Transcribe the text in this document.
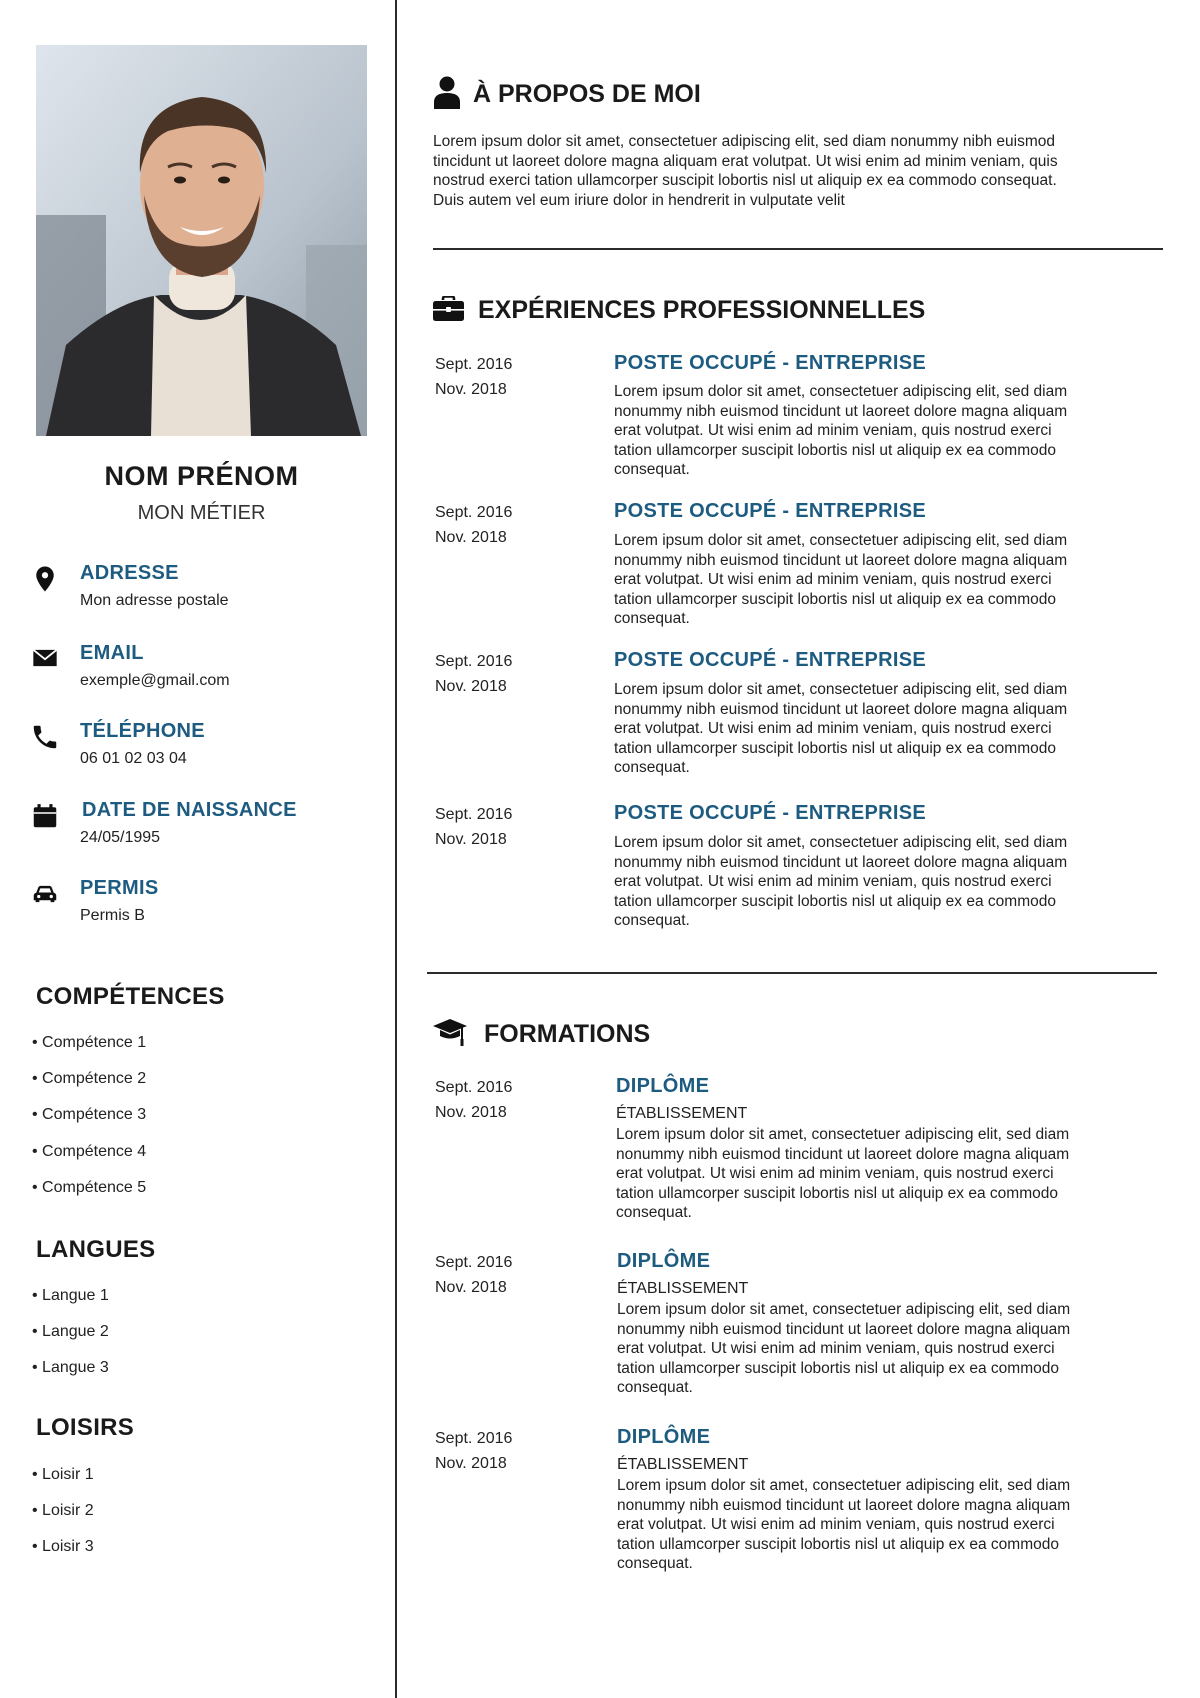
NOM PRÉNOM
MON MÉTIER
ADRESSE
Mon adresse postale
EMAIL
exemple@gmail.com
TÉLÉPHONE
06 01 02 03 04
DATE DE NAISSANCE
24/05/1995
PERMIS
Permis B
COMPÉTENCES
• Compétence 1
• Compétence 2
• Compétence 3
• Compétence 4
• Compétence 5
LANGUES
• Langue 1
• Langue 2
• Langue 3
LOISIRS
• Loisir 1
• Loisir 2
• Loisir 3
À PROPOS DE MOI
Lorem ipsum dolor sit amet, consectetuer adipiscing elit, sed diam nonummy nibh euismod tincidunt ut laoreet dolore magna aliquam erat volutpat. Ut wisi enim ad minim veniam, quis nostrud exerci tation ullamcorper suscipit lobortis nisl ut aliquip ex ea commodo consequat. Duis autem vel eum iriure dolor in hendrerit in vulputate velit
EXPÉRIENCES PROFESSIONNELLES
Sept. 2016
Nov. 2018
POSTE OCCUPÉ - ENTREPRISE
Lorem ipsum dolor sit amet, consectetuer adipiscing elit, sed diam nonummy nibh euismod tincidunt ut laoreet dolore magna aliquam erat volutpat. Ut wisi enim ad minim veniam, quis nostrud exerci tation ullamcorper suscipit lobortis nisl ut aliquip ex ea commodo consequat.
Sept. 2016
Nov. 2018
POSTE OCCUPÉ - ENTREPRISE
Lorem ipsum dolor sit amet, consectetuer adipiscing elit, sed diam nonummy nibh euismod tincidunt ut laoreet dolore magna aliquam erat volutpat. Ut wisi enim ad minim veniam, quis nostrud exerci tation ullamcorper suscipit lobortis nisl ut aliquip ex ea commodo consequat.
Sept. 2016
Nov. 2018
POSTE OCCUPÉ - ENTREPRISE
Lorem ipsum dolor sit amet, consectetuer adipiscing elit, sed diam nonummy nibh euismod tincidunt ut laoreet dolore magna aliquam erat volutpat. Ut wisi enim ad minim veniam, quis nostrud exerci tation ullamcorper suscipit lobortis nisl ut aliquip ex ea commodo consequat.
Sept. 2016
Nov. 2018
POSTE OCCUPÉ - ENTREPRISE
Lorem ipsum dolor sit amet, consectetuer adipiscing elit, sed diam nonummy nibh euismod tincidunt ut laoreet dolore magna aliquam erat volutpat. Ut wisi enim ad minim veniam, quis nostrud exerci tation ullamcorper suscipit lobortis nisl ut aliquip ex ea commodo consequat.
FORMATIONS
Sept. 2016
Nov. 2018
DIPLÔME
ÉTABLISSEMENT
Lorem ipsum dolor sit amet, consectetuer adipiscing elit, sed diam nonummy nibh euismod tincidunt ut laoreet dolore magna aliquam erat volutpat. Ut wisi enim ad minim veniam, quis nostrud exerci tation ullamcorper suscipit lobortis nisl ut aliquip ex ea commodo consequat.
Sept. 2016
Nov. 2018
DIPLÔME
ÉTABLISSEMENT
Lorem ipsum dolor sit amet, consectetuer adipiscing elit, sed diam nonummy nibh euismod tincidunt ut laoreet dolore magna aliquam erat volutpat. Ut wisi enim ad minim veniam, quis nostrud exerci tation ullamcorper suscipit lobortis nisl ut aliquip ex ea commodo consequat.
Sept. 2016
Nov. 2018
DIPLÔME
ÉTABLISSEMENT
Lorem ipsum dolor sit amet, consectetuer adipiscing elit, sed diam nonummy nibh euismod tincidunt ut laoreet dolore magna aliquam erat volutpat. Ut wisi enim ad minim veniam, quis nostrud exerci tation ullamcorper suscipit lobortis nisl ut aliquip ex ea commodo consequat.
